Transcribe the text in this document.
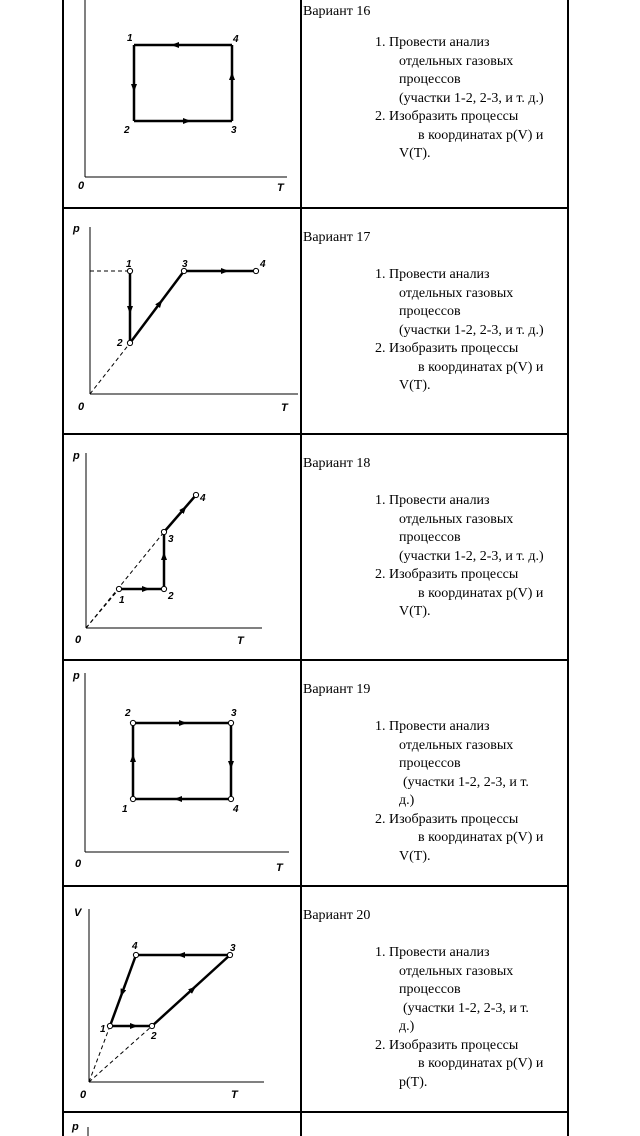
0	T
1
2	3
4
p
0	T
1
2
3	4
p
0	T
1	2
3
4
p
0	T
1
2	3
4
V
0	T
1
2
3
4
p
Вариант 16
1. Провести анализ
отдельных газовых
процессов
(участки 1-2, 2-3, и т. д.)
2. Изобразить процессы
в координатах p(V) и
V(T).
Вариант 17
1. Провести анализ
отдельных газовых
процессов
(участки 1-2, 2-3, и т. д.)
2. Изобразить процессы
в координатах p(V) и
V(T).
Вариант 18
1. Провести анализ
отдельных газовых
процессов
(участки 1-2, 2-3, и т. д.)
2. Изобразить процессы
в координатах p(V) и
V(T).
Вариант 19
1. Провести анализ
отдельных газовых
процессов
(участки 1-2, 2-3, и т.
д.)
2. Изобразить процессы
в координатах p(V) и
V(T).
Вариант 20
1. Провести анализ
отдельных газовых
процессов
(участки 1-2, 2-3, и т.
д.)
2. Изобразить процессы
в координатах p(V) и
p(T).
